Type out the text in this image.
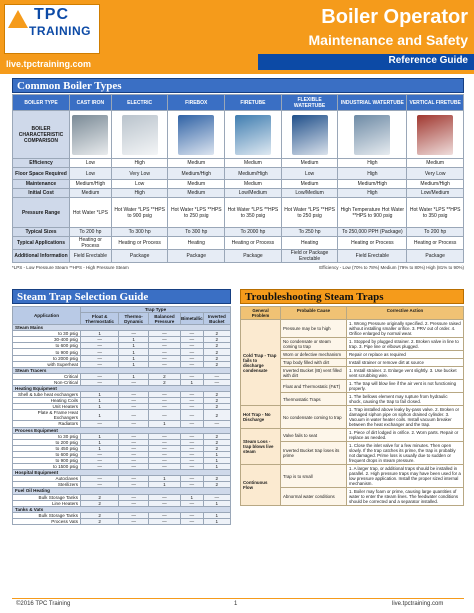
TPC
TRAINING
live.tpctraining.com
Boiler Operator
Maintenance and Safety
Reference Guide
Common Boiler Types
BOILER TYPE	CAST IRON	ELECTRIC	FIREBOX	FIRETUBE	FLEXIBLE WATERTUBE	INDUSTRIAL WATERTUBE	VERTICAL FIRETUBE
BOILER CHARACTERISTIC COMPARISON	

Efficiency	Low	High	Medium	Medium	Medium	High	Medium
Floor Space Required	Low	Very Low	Medium/High	Medium/High	Low	High	Very Low
Maintenance	Medium/High	Low	Medium	Medium	Medium	Medium/High	Medium/High
Initial Cost	Medium	High	Medium	Low/Medium	Low/Medium	High	Low/Medium
Pressure Range	Hot Water *LPS	Hot Water *LPS **HPS to 900 psig	Hot Water *LPS **HPS to 250 psig	Hot Water *LPS **HPS to 350 psig	Hot Water *LPS **HPS to 250 psig	High Temperature Hot Water **HPS to 900 psig	Hot Water *LPS **HPS to 350 psig
Typical Sizes	To 200 hp	To 300 hp	To 300 hp	To 2000 hp	To 250 hp	To 250,000 PPH (Package)	To 200 hp
Typical Applications	Heating or Process	Heating or Process	Heating	Heating or Process	Heating	Heating or Process	Heating or Process
Additional Information	Field Erectable	Package	Package	Package	Field or Package Erectable	Field Erectable	Package
*LPS - Low Pressure Steam **HPS - High Pressure Steam	Efficiency - Low (70% to 78%) Medium (79% to 80%) High (81% to 90%)
Steam Trap Selection Guide
Application	Trap Type				
	Float & Thermostatic	Thermo-Dynamic	Balanced Pressure	Bimetallic	Inverted Bucket
Steam Mains					
to 30 psig	1	—	—	—	2
30-400 psig	—	1	—	—	2
to 600 psig	—	1	—	—	2
to 900 psig	—	1	—	—	2
to 2000 psig	—	1	—	—	2
with Superheat	—	1	—	—	2
Steam Tracers					
Critical	—	1	2	—	—
Non-Critical	—	—	2	1	—
Heating Equipment					
Shell & tube heat exchangers	1	—	—	—	2
Heating Coils	1	—	—	—	2
Unit Heaters	1	—	—	—	2
Plate & Frame Heat Exchangers	1	—	—	—	2
Radiators	—	—	1	—	—
Process Equipment					
to 30 psig	1	—	—	—	2
to 200 psig	1	—	—	—	2
to 450 psig	1	—	—	—	2
to 600 psig	—	—	—	—	1
to 900 psig	—	—	—	—	1
to 1500 psig	—	—	—	—	1
Hospital Equipment					
Autoclaves	—	—	1	—	2
Sterilizers	—	—	1	—	2
Fuel Oil Heating					
Bulk Storage Tanks	2	—	—	1	—
Line Heaters	2	—	—	—	1
Tanks & Vats					
Bulk Storage Tanks	2	—	—	—	1
Process Vats	2	—	—	—	1
Troubleshooting Steam Traps
General Problem	Probable Cause	Corrective Action
Cold Trap - Trap fails to discharge condensate	Pressure may be to high	1. Wrong Pressure originally specified. 2. Pressure raised without installing smaller orifice. 3. PRV out of order. 4. Orifice enlarged by normal wear.
	No condensate or steam coming to trap	1. Stopped by plugged strainer. 2. Broken valve in line to trap. 3. Pipe line or elbows plugged.
	Worn or defective mechanism	Repair or replace as required
	Trap body filled with dirt	Install strainer or remove dirt at source
	Inverted Bucket (IB) vent filled with dirt	1. Install strainer. 2. Enlarge vent slightly. 3. Use bucket vent scrubbing wire.
	Float and Thermostatic (F&T)	1. The trap will blow live if the air vent is not functioning properly.
	Thermostatic Traps	1. The bellows element may rupture from hydraulic shock, causing the trap to fail closed.
Hot Trap - No Discharge	No condensate coming to trap	1. Trap installed above leaky by-pass valve. 2. Broken or damaged siphon pipe on siphon drained cylinder. 3. Vacuum in water heater coils. Install vacuum breaker between the heat exchanger and the trap.
Steam Loss - trap blows live steam	Valve fails to seat	1. Piece of dirt lodged in orifice. 2. Worn parts. Repair or replace as needed.
	Inverted Bucket trap loses its prime	1. Close the inlet valve for a few minutes. Then open slowly. If the trap catches its prime, the trap is probably not damaged. Prime loss is usually due to sudden or frequent drops in steam pressure.
Continuous Flow	Trap is to small	1. A larger trap, or additional traps should be installed in parallel. 2. High pressure traps may have been used for a low pressure application. Install the proper sized internal mechanism.
	Abnormal water conditions	1. Boiler may foam or prime, causing large quantities of water to enter the steam lines. The feedwater conditions should be corrected and a separator installed.
©2016 TPC Training	1	live.tpctraining.com
